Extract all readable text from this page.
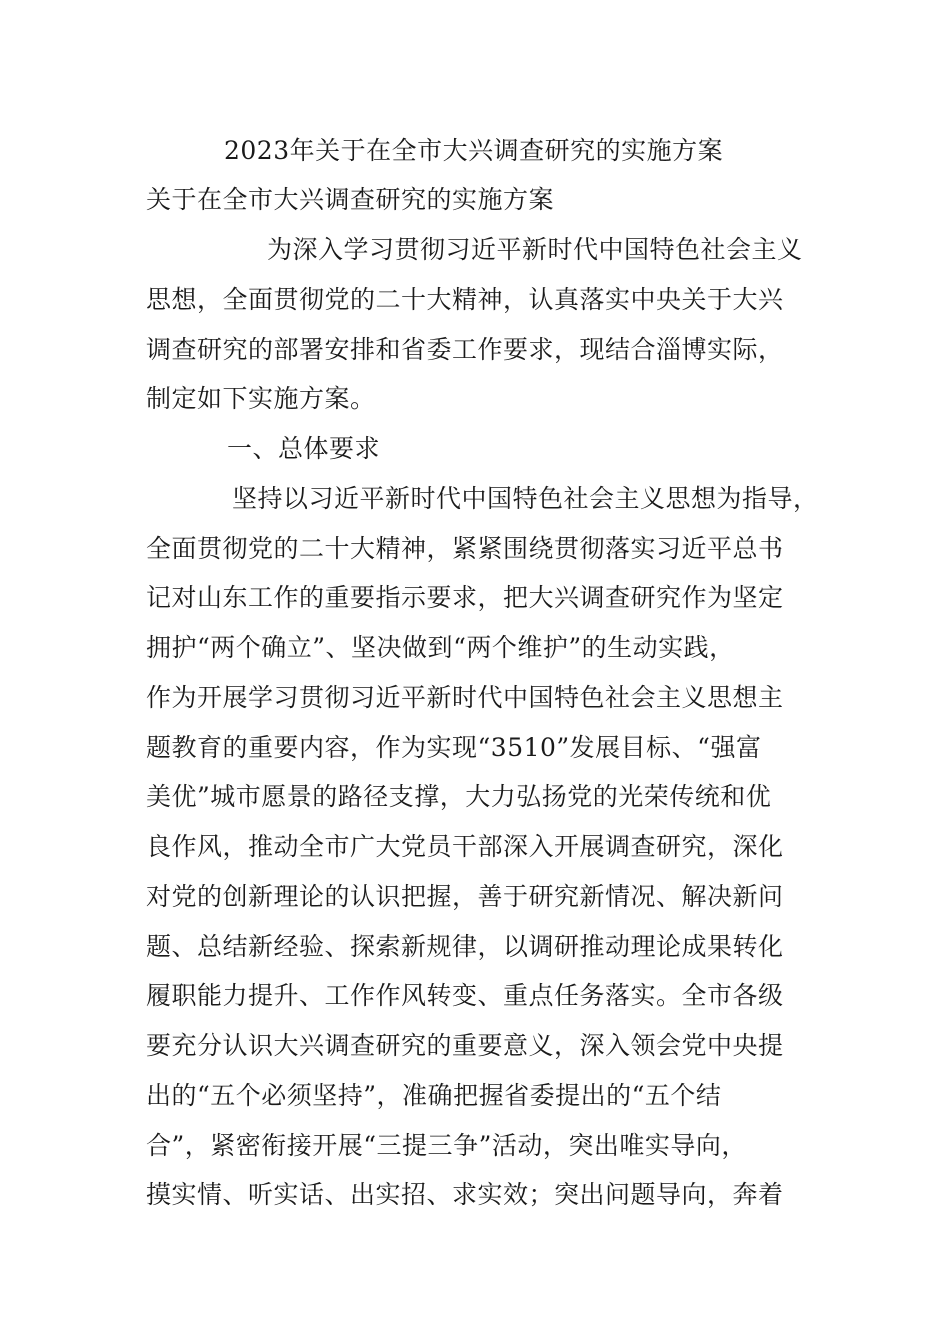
2023年关于在全市大兴调查研究的实施方案
关于在全市大兴调查研究的实施方案
为深入学习贯彻习近平新时代中国特色社会主义
思想，全面贯彻党的二十大精神，认真落实中央关于大兴
调查研究的部署安排和省委工作要求，现结合淄博实际，
制定如下实施方案。
一、总体要求
坚持以习近平新时代中国特色社会主义思想为指导，
全面贯彻党的二十大精神，紧紧围绕贯彻落实习近平总书
记对山东工作的重要指示要求，把大兴调查研究作为坚定
拥护“两个确立”、坚决做到“两个维护”的生动实践，
作为开展学习贯彻习近平新时代中国特色社会主义思想主
题教育的重要内容，作为实现“3510”发展目标、“强富
美优”城市愿景的路径支撑，大力弘扬党的光荣传统和优
良作风，推动全市广大党员干部深入开展调查研究，深化
对党的创新理论的认识把握，善于研究新情况、解决新问
题、总结新经验、探索新规律，以调研推动理论成果转化
履职能力提升、工作作风转变、重点任务落实。全市各级
要充分认识大兴调查研究的重要意义，深入领会党中央提
出的“五个必须坚持”，准确把握省委提出的“五个结
合”，紧密衔接开展“三提三争”活动，突出唯实导向，
摸实情、听实话、出实招、求实效；突出问题导向，奔着
